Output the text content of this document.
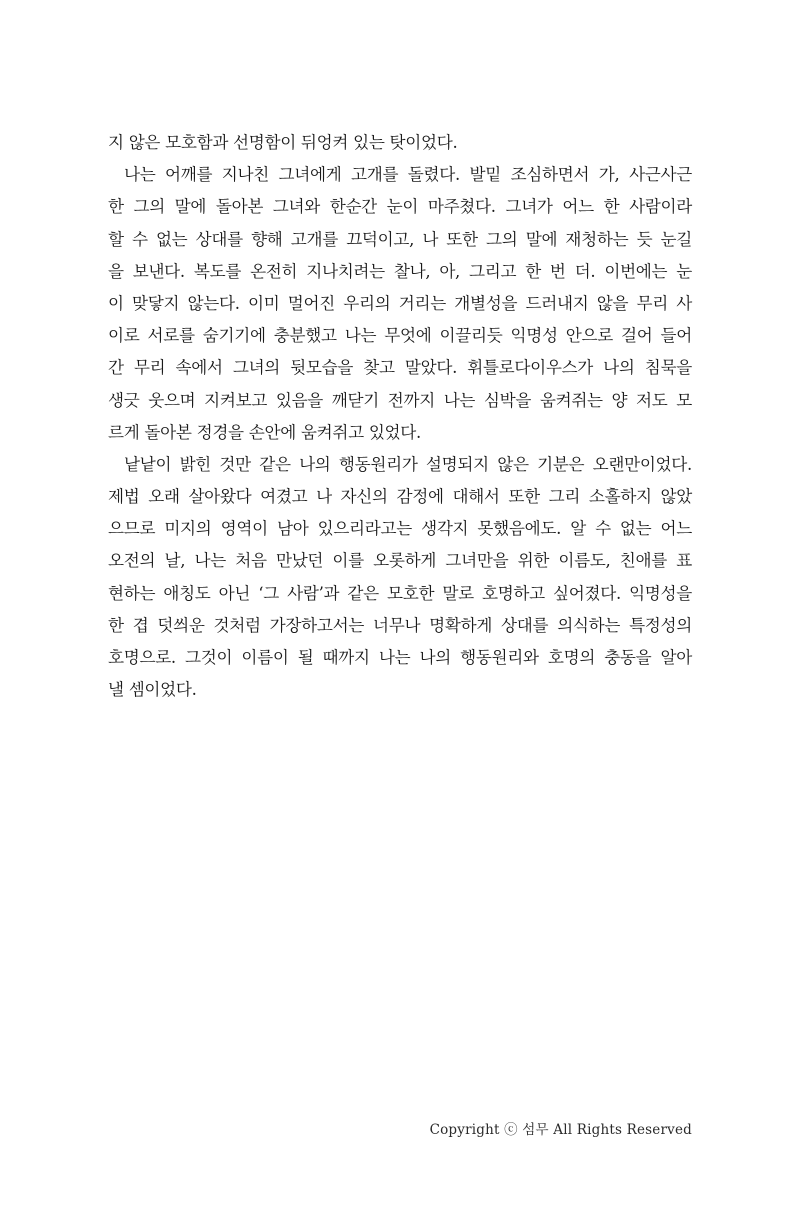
지 않은 모호함과 선명함이 뒤엉켜 있는 탓이었다.
나는 어깨를 지나친 그녀에게 고개를 돌렸다. 발밑 조심하면서 가, 사근사근
한 그의 말에 돌아본 그녀와 한순간 눈이 마주쳤다. 그녀가 어느 한 사람이라
할 수 없는 상대를 향해 고개를 끄덕이고, 나 또한 그의 말에 재청하는 듯 눈길
을 보낸다. 복도를 온전히 지나치려는 찰나, 아, 그리고 한 번 더. 이번에는 눈
이 맞닿지 않는다. 이미 멀어진 우리의 거리는 개별성을 드러내지 않을 무리 사
이로 서로를 숨기기에 충분했고 나는 무엇에 이끌리듯 익명성 안으로 걸어 들어
간 무리 속에서 그녀의 뒷모습을 찾고 말았다. 휘틀로다이우스가 나의 침묵을
생긋 웃으며 지켜보고 있음을 깨닫기 전까지 나는 심박을 움켜쥐는 양 저도 모
르게 돌아본 정경을 손안에 움켜쥐고 있었다.
낱낱이 밝힌 것만 같은 나의 행동원리가 설명되지 않은 기분은 오랜만이었다.
제법 오래 살아왔다 여겼고 나 자신의 감정에 대해서 또한 그리 소홀하지 않았
으므로 미지의 영역이 남아 있으리라고는 생각지 못했음에도. 알 수 없는 어느
오전의 날, 나는 처음 만났던 이를 오롯하게 그녀만을 위한 이름도, 친애를 표
현하는 애칭도 아닌 ‘그 사람’과 같은 모호한 말로 호명하고 싶어졌다. 익명성을
한 겹 덧씌운 것처럼 가장하고서는 너무나 명확하게 상대를 의식하는 특정성의
호명으로. 그것이 이름이 될 때까지 나는 나의 행동원리와 호명의 충동을 알아
낼 셈이었다.
Copyright ⓒ 섬무 All Rights Reserved
